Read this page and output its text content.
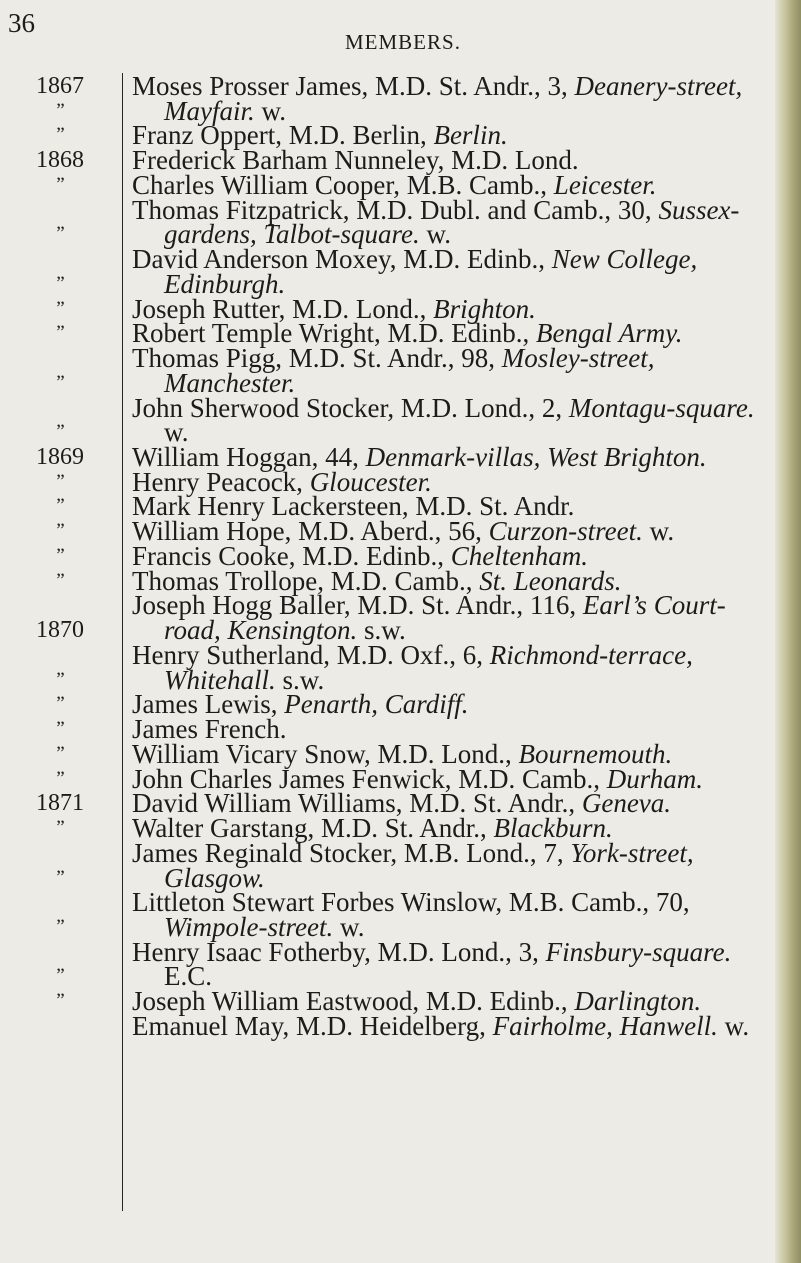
36
MEMBERS.
1867
”
”
1868
”
”
”
”
”
”
”
1869
”
”
”
”
”
1870
”
”
”
”
”
1871
”
”
”
”
”
Moses Prosser James, M.D. St. Andr., 3, Deanery-street, Mayfair. w.
Franz Oppert, M.D. Berlin, Berlin.
Frederick Barham Nunneley, M.D. Lond.
Charles William Cooper, M.B. Camb., Leicester.
Thomas Fitzpatrick, M.D. Dubl. and Camb., 30, Sussex-gardens, Talbot-square. w.
David Anderson Moxey, M.D. Edinb., New College, Edinburgh.
Joseph Rutter, M.D. Lond., Brighton.
Robert Temple Wright, M.D. Edinb., Bengal Army.
Thomas Pigg, M.D. St. Andr., 98, Mosley-street, Manchester.
John Sherwood Stocker, M.D. Lond., 2, Montagu-square. w.
William Hoggan, 44, Denmark-villas, West Brighton.
Henry Peacock, Gloucester.
Mark Henry Lackersteen, M.D. St. Andr.
William Hope, M.D. Aberd., 56, Curzon-street. w.
Francis Cooke, M.D. Edinb., Cheltenham.
Thomas Trollope, M.D. Camb., St. Leonards.
Joseph Hogg Baller, M.D. St. Andr., 116, Earl’s Court-road, Kensington. s.w.
Henry Sutherland, M.D. Oxf., 6, Richmond-terrace, Whitehall. s.w.
James Lewis, Penarth, Cardiff.
James French.
William Vicary Snow, M.D. Lond., Bournemouth.
John Charles James Fenwick, M.D. Camb., Durham.
David William Williams, M.D. St. Andr., Geneva.
Walter Garstang, M.D. St. Andr., Blackburn.
James Reginald Stocker, M.B. Lond., 7, York-street, Glasgow.
Littleton Stewart Forbes Winslow, M.B. Camb., 70, Wimpole-street. w.
Henry Isaac Fotherby, M.D. Lond., 3, Finsbury-square. E.C.
Joseph William Eastwood, M.D. Edinb., Darlington.
Emanuel May, M.D. Heidelberg, Fairholme, Hanwell. w.
